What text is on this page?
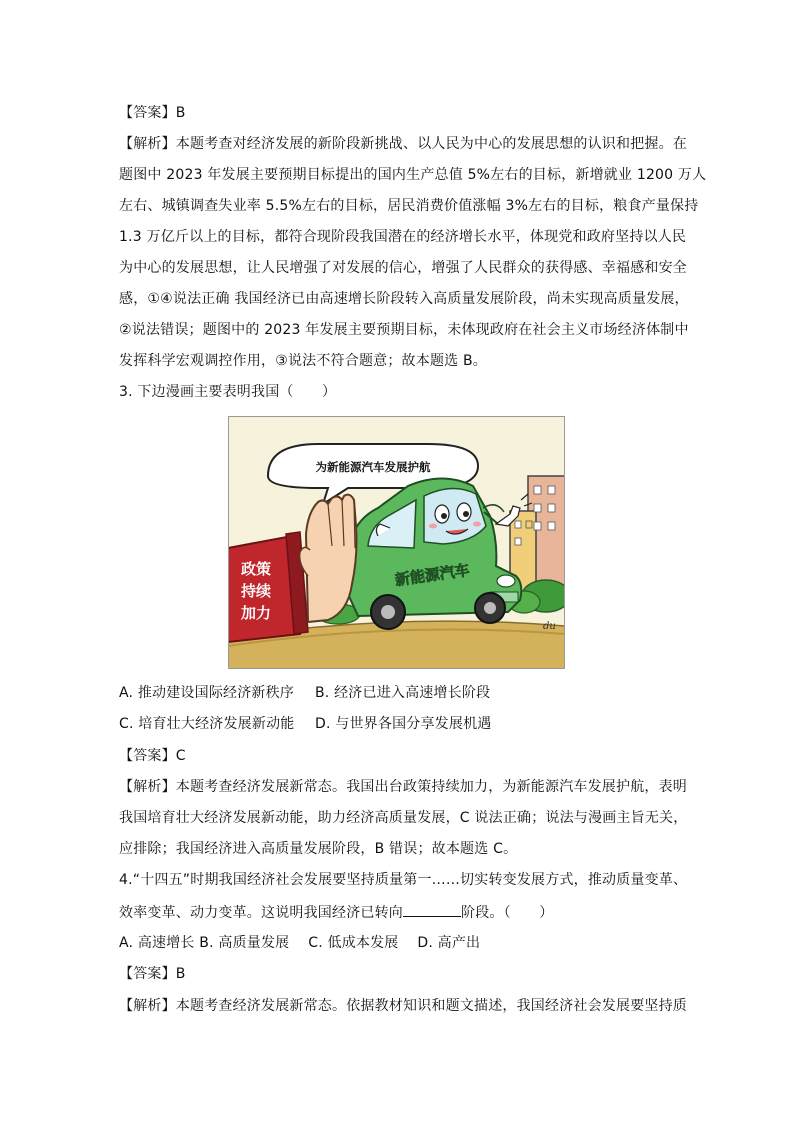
【答案】B
【解析】本题考查对经济发展的新阶段新挑战、以人民为中心的发展思想的认识和把握。在
题图中 2023 年发展主要预期目标提出的国内生产总值 5%左右的目标，新增就业 1200 万人
左右、城镇调查失业率 5.5%左右的目标，居民消费价值涨幅 3%左右的目标，粮食产量保持
1.3 万亿斤以上的目标，都符合现阶段我国潜在的经济增长水平，体现党和政府坚持以人民
为中心的发展思想，让人民增强了对发展的信心，增强了人民群众的获得感、幸福感和安全
感，①④说法正确 我国经济已由高速增长阶段转入高质量发展阶段，尚未实现高质量发展，
②说法错误；题图中的 2023 年发展主要预期目标，未体现政府在社会主义市场经济体制中
发挥科学宏观调控作用，③说法不符合题意；故本题选 B。
3. 下边漫画主要表明我国（　　）
为新能源汽车发展护航
新能源汽车
政策
持续
加力
du
A. 推动建设国际经济新秩序 B. 经济已进入高速增长阶段
C. 培育壮大经济发展新动能 D. 与世界各国分享发展机遇
【答案】C
【解析】本题考查经济发展新常态。我国出台政策持续加力，为新能源汽车发展护航，表明
我国培育壮大经济发展新动能，助力经济高质量发展，C 说法正确；说法与漫画主旨无关，
应排除；我国经济进入高质量发展阶段，B 错误；故本题选 C。
4.“十四五”时期我国经济社会发展要坚持质量第一……切实转变发展方式，推动质量变革、
效率变革、动力变革。这说明我国经济已转向	阶段。（　　）
A. 高速增长 B. 高质量发展　 C. 低成本发展　 D. 高产出
【答案】B
【解析】本题考查经济发展新常态。依据教材知识和题文描述，我国经济社会发展要坚持质
